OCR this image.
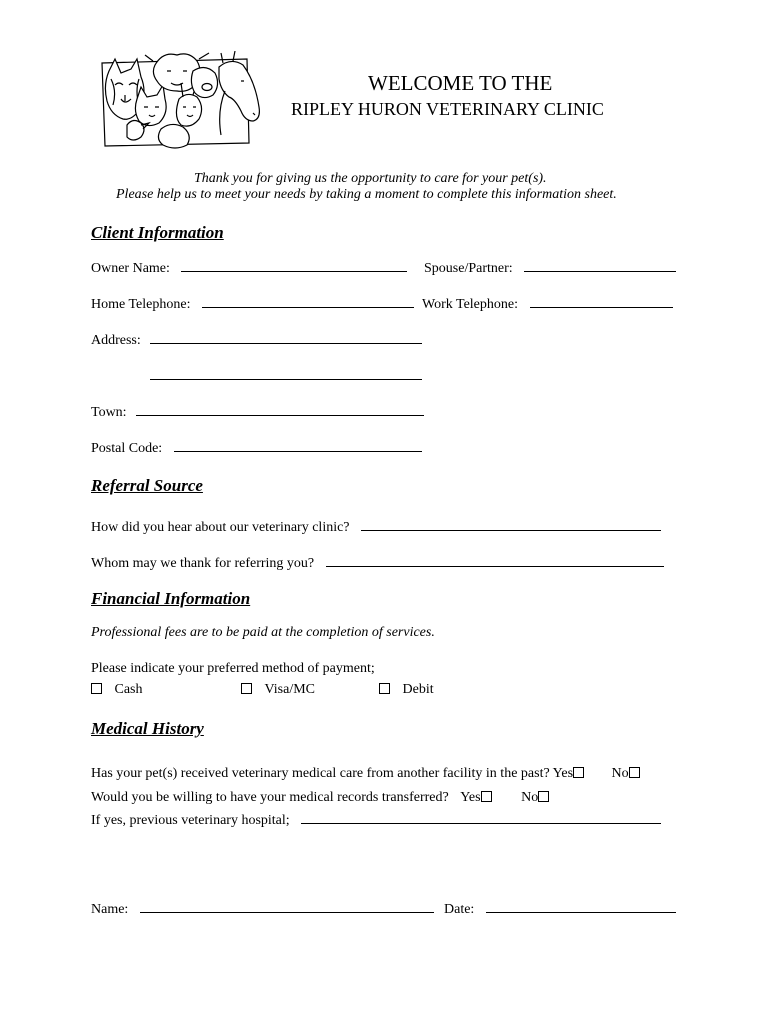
WELCOME TO THE
RIPLEY HURON VETERINARY CLINIC
Thank you for giving us the opportunity to care for your pet(s).
Please help us to meet your needs by taking a moment to complete this information sheet.
Client Information
Owner Name:	Spouse/Partner:
Home Telephone:	Work Telephone:
Address:
Town:
Postal Code:
Referral Source
How did you hear about our veterinary clinic?
Whom may we thank for referring you?
Financial Information
Professional fees are to be paid at the completion of services.
Please indicate your preferred method of payment;
Cash	Visa/MC	Debit
Medical History
Has your pet(s) received veterinary medical care from another facility in the past? Yes	No
Would you be willing to have your medical records transferred? Yes	No
If yes, previous veterinary hospital;
Name:	Date:
